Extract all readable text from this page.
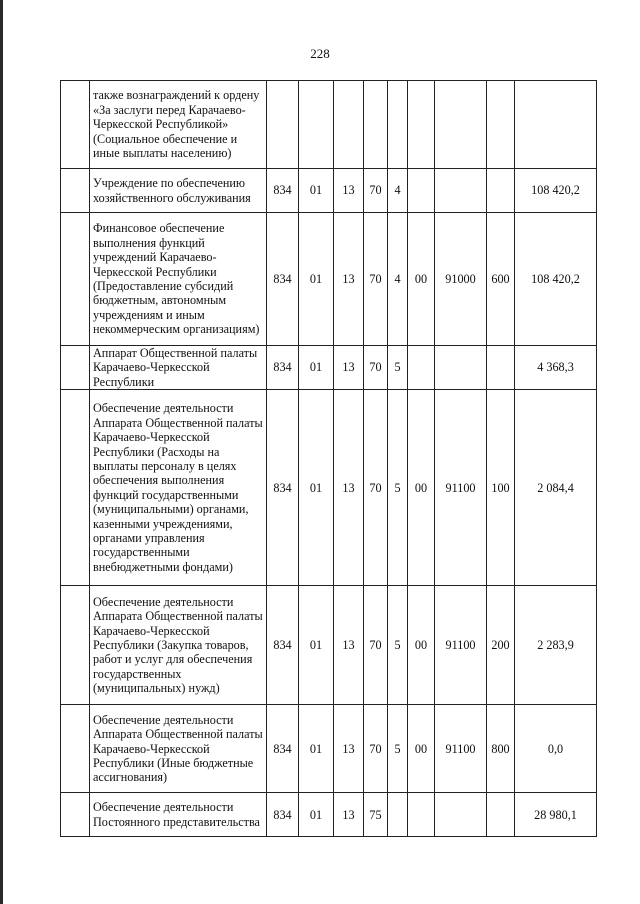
228
	также вознаграждений к ордену «За заслуги перед Карачаево-Черкесской Республикой» (Социальное обеспечение и иные выплаты населению)									
	Учреждение по обеспечению хозяйственного обслуживания	834	01	13	70	4				108 420,2
	Финансовое обеспечение выполнения функций учреждений Карачаево-Черкесской Республики (Предоставление субсидий бюджетным, автономным учреждениям и иным некоммерческим организациям)	834	01	13	70	4	00	91000	600	108 420,2
	Аппарат Общественной палаты Карачаево-Черкесской Республики	834	01	13	70	5				4 368,3
	Обеспечение деятельности Аппарата Общественной палаты Карачаево-Черкесской Республики (Расходы на выплаты персоналу в целях обеспечения выполнения функций государственными (муниципальными) органами, казенными учреждениями, органами управления государственными внебюджетными фондами)	834	01	13	70	5	00	91100	100	2 084,4
	Обеспечение деятельности Аппарата Общественной палаты Карачаево-Черкесской Республики (Закупка товаров, работ и услуг для обеспечения государственных (муниципальных) нужд)	834	01	13	70	5	00	91100	200	2 283,9
	Обеспечение деятельности Аппарата Общественной палаты Карачаево-Черкесской Республики (Иные бюджетные ассигнования)	834	01	13	70	5	00	91100	800	0,0
	Обеспечение деятельности Постоянного представительства	834	01	13	75					28 980,1
